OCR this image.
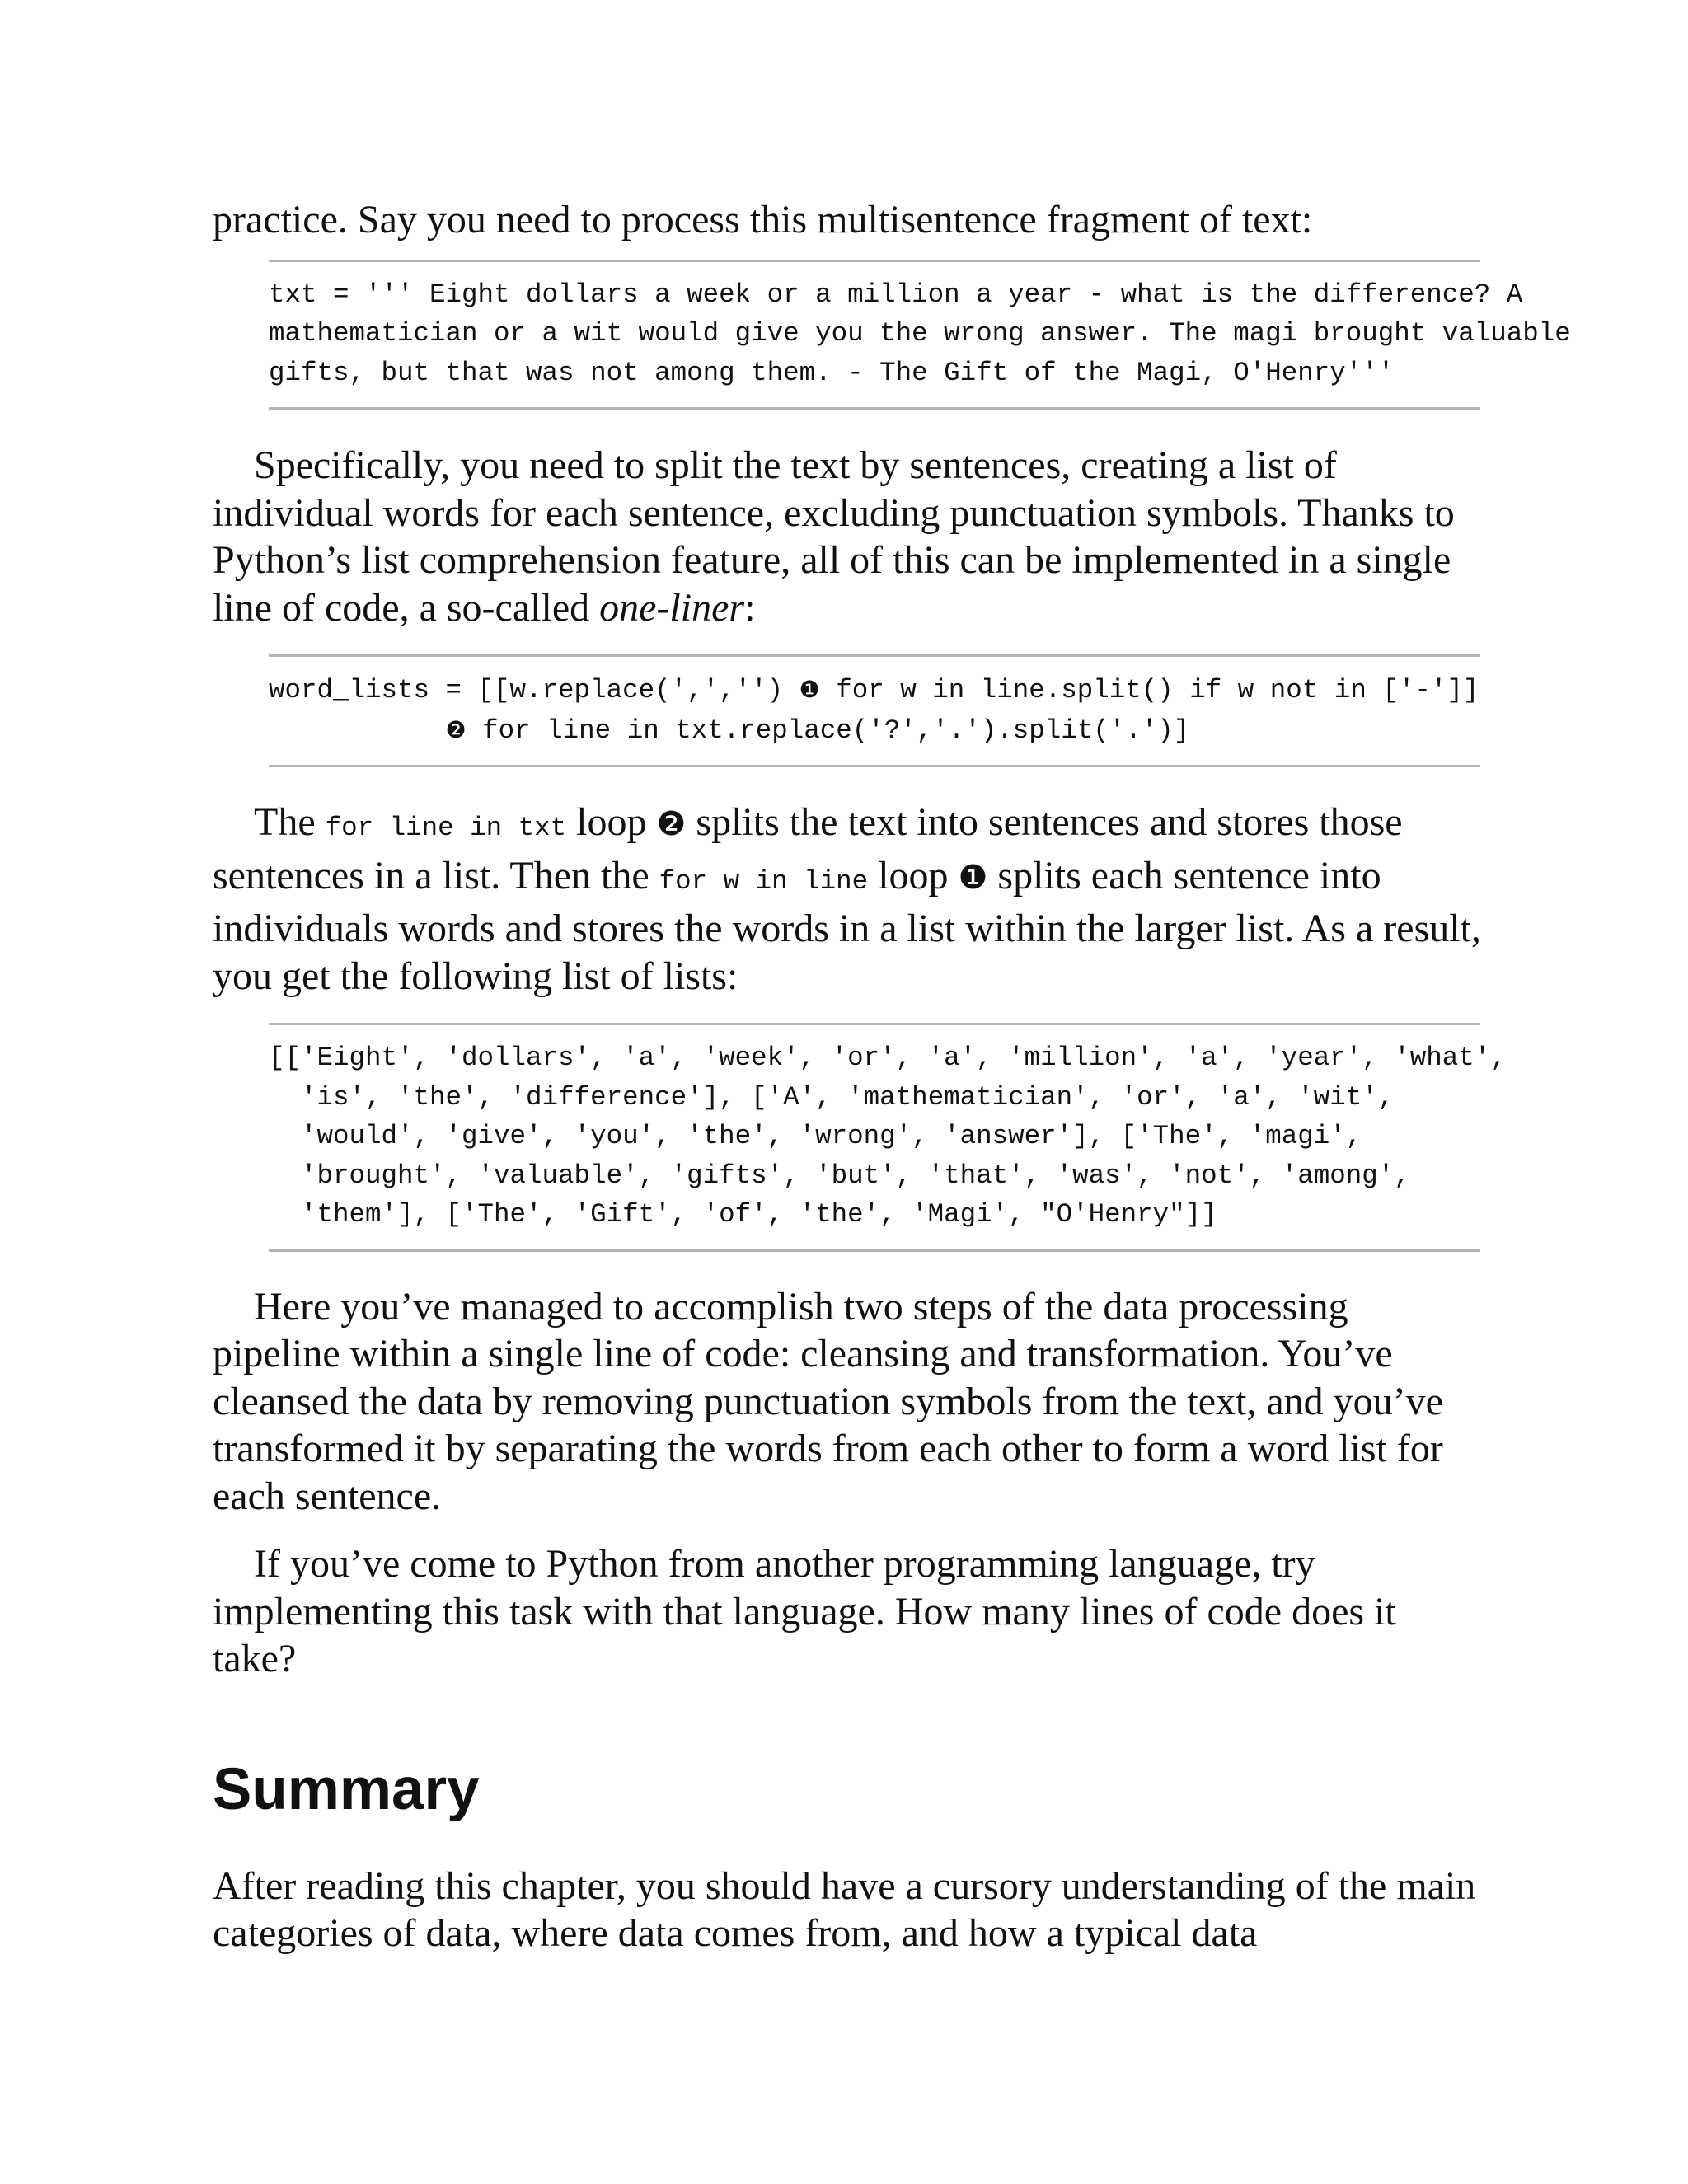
practice. Say you need to process this multisentence fragment of text:

txt = ''' Eight dollars a week or a million a year - what is the difference? A
mathematician or a wit would give you the wrong answer. The magi brought valuable
gifts, but that was not among them. - The Gift of the Magi, O'Henry'''

Specifically, you need to split the text by sentences, creating a list of individual words for each sentence, excluding punctuation symbols. Thanks to Python’s list comprehension feature, all of this can be implemented in a single line of code, a so-called one-liner:

word_lists = [[w.replace(',','') ❶ for w in line.split() if w not in ['-']]
❷ for line in txt.replace('?','.').split('.')]

The for line in txt loop ❷ splits the text into sentences and stores those sentences in a list. Then the for w in line loop ❶ splits each sentence into individuals words and stores the words in a list within the larger list. As a result, you get the following list of lists:

[['Eight', 'dollars', 'a', 'week', 'or', 'a', 'million', 'a', 'year', 'what',
'is', 'the', 'difference'], ['A', 'mathematician', 'or', 'a', 'wit',
'would', 'give', 'you', 'the', 'wrong', 'answer'], ['The', 'magi',
'brought', 'valuable', 'gifts', 'but', 'that', 'was', 'not', 'among',
'them'], ['The', 'Gift', 'of', 'the', 'Magi', "O'Henry"]]

Here you’ve managed to accomplish two steps of the data processing pipeline within a single line of code: cleansing and transformation. You’ve cleansed the data by removing punctuation symbols from the text, and you’ve transformed it by separating the words from each other to form a word list for each sentence.

If you’ve come to Python from another programming language, try implementing this task with that language. How many lines of code does it take?

Summary

After reading this chapter, you should have a cursory understanding of the main categories of data, where data comes from, and how a typical data
